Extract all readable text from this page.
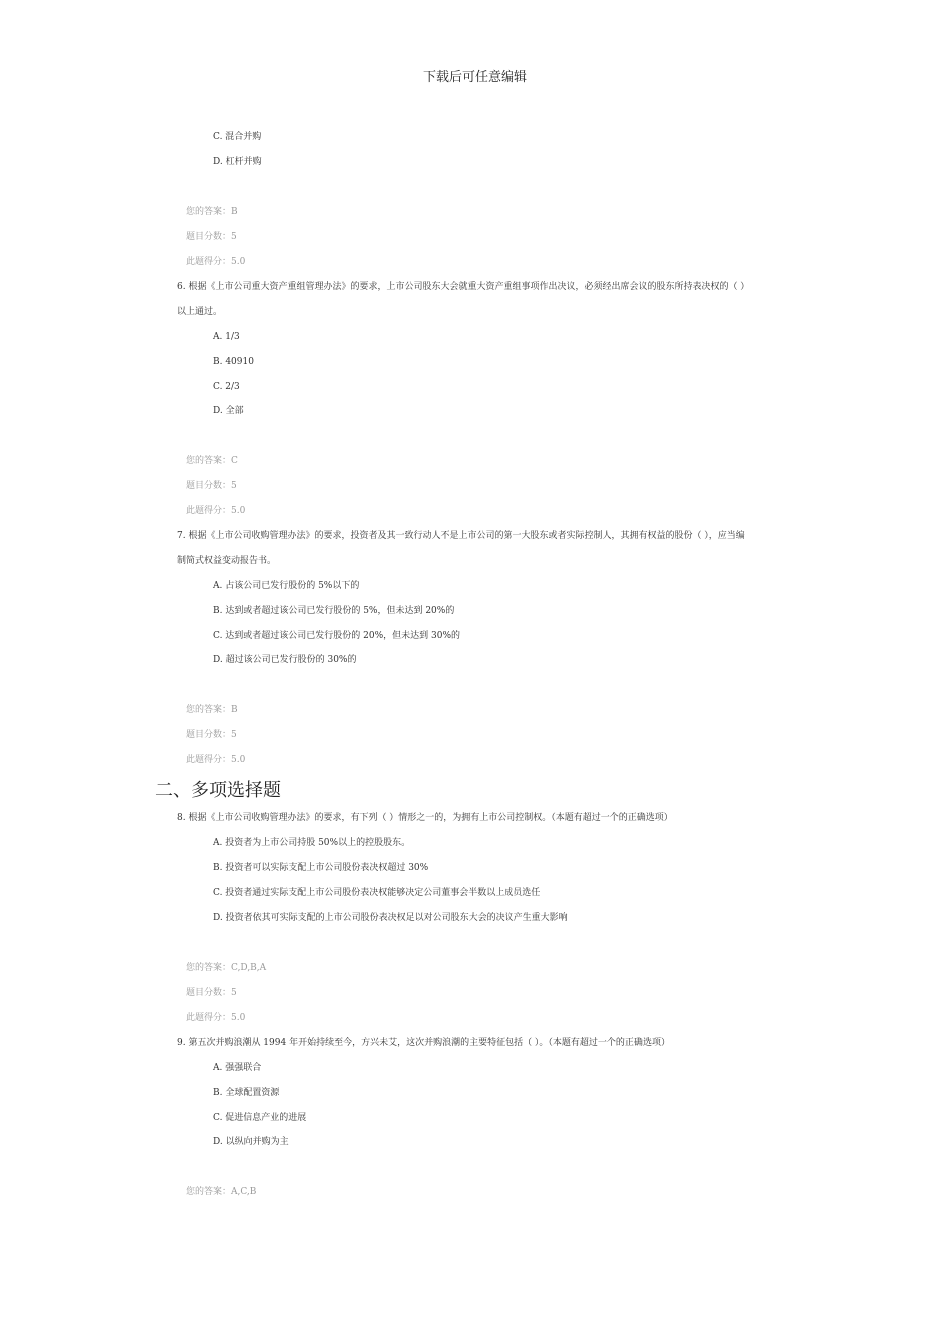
下载后可任意编辑
C. 混合并购
D. 杠杆并购
您的答案：B
题目分数：5
此题得分：5.0
6. 根据《上市公司重大资产重组管理办法》的要求，上市公司股东大会就重大资产重组事项作出决议，必须经出席会议的股东所持表决权的（ ）
以上通过。
A. 1/3
B. 40910
C. 2/3
D. 全部
您的答案：C
题目分数：5
此题得分：5.0
7. 根据《上市公司收购管理办法》的要求，投资者及其一致行动人不是上市公司的第一大股东或者实际控制人，其拥有权益的股份（ ），应当编
制简式权益变动报告书。
A. 占该公司已发行股份的 5%以下的
B. 达到或者超过该公司已发行股份的 5%，但未达到 20%的
C. 达到或者超过该公司已发行股份的 20%，但未达到 30%的
D. 超过该公司已发行股份的 30%的
您的答案：B
题目分数：5
此题得分：5.0
二、多项选择题
8. 根据《上市公司收购管理办法》的要求，有下列（ ）情形之一的，为拥有上市公司控制权。（本题有超过一个的正确选项）
A. 投资者为上市公司持股 50%以上的控股股东。
B. 投资者可以实际支配上市公司股份表决权超过 30%
C. 投资者通过实际支配上市公司股份表决权能够决定公司董事会半数以上成员选任
D. 投资者依其可实际支配的上市公司股份表决权足以对公司股东大会的决议产生重大影响
您的答案：C,D,B,A
题目分数：5
此题得分：5.0
9. 第五次并购浪潮从 1994 年开始持续至今，方兴未艾，这次并购浪潮的主要特征包括（ ）。（本题有超过一个的正确选项）
A. 强强联合
B. 全球配置资源
C. 促进信息产业的进展
D. 以纵向并购为主
您的答案：A,C,B
